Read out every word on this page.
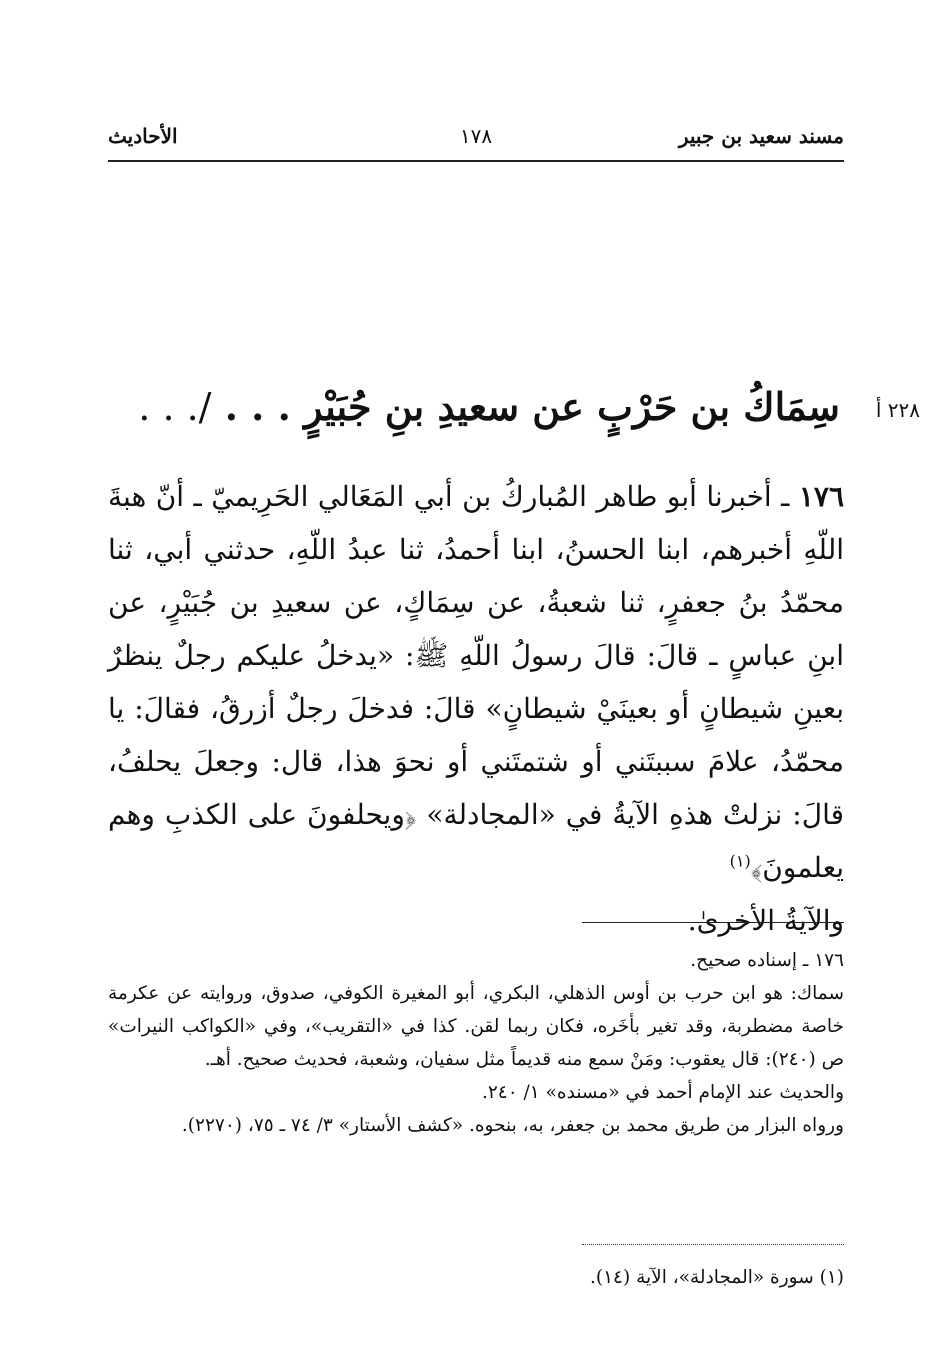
مسند سعيد بن جبير
١٧٨
الأحاديث
٢٢٨ أ
سِمَاكُ بن حَرْبٍ عن سعيدِ بنِ جُبَيْرٍ . . . /. . .

١٧٦ ـ أخبرنا أبو طاهر المُباركُ بن أبي المَعَالي الحَرِيميّ ـ أنّ هبةَ اللّهِ أخبرهم، ابنا الحسنُ، ابنا أحمدُ، ثنا عبدُ اللّهِ، حدثني أبي، ثنا محمّدُ بنُ جعفرٍ، ثنا شعبةُ، عن سِمَاكٍ، عن سعيدِ بن جُبَيْرٍ، عن ابنِ عباسٍ ـ قالَ: قالَ رسولُ اللّهِ ﷺ: «يدخلُ عليكم رجلٌ ينظرٌ بعينِ شيطانٍ أو بعينَيْ شيطانٍ» قالَ: فدخلَ رجلٌ أزرقُ، فقالَ: يا محمّدُ، علامَ سببتَني أو شتمتَني أو نحوَ هذا، قال: وجعلَ يحلفُ، قالَ: نزلتْ هذهِ الآيةُ في «المجادلة» ﴿ويحلفونَ على الكذبِ وهم يعلمونَ﴾$^{(١)}$

والآيةُ الأخرىٰ.

١٧٦ ـ إسناده صحيح.

سماك: هو ابن حرب بن أوس الذهلي، البكري، أبو المغيرة الكوفي، صدوق، وروايته عن عكرمة خاصة مضطربة، وقد تغير بأخَره، فكان ربما لقن. كذا في «التقريب»، وفي «الكواكب النيرات» ص (٢٤٠): قال يعقوب: ومَنْ سمع منه قديماً مثل سفيان، وشعبة، فحديث صحيح. أهـ.

والحديث عند الإمام أحمد في «مسنده» ١/ ٢٤٠.

ورواه البزار من طريق محمد بن جعفر، به، بنحوه. «كشف الأستار» ٣/ ٧٤ ـ ٧٥، (٢٢٧٠).

(١) سورة «المجادلة»، الآية (١٤).
